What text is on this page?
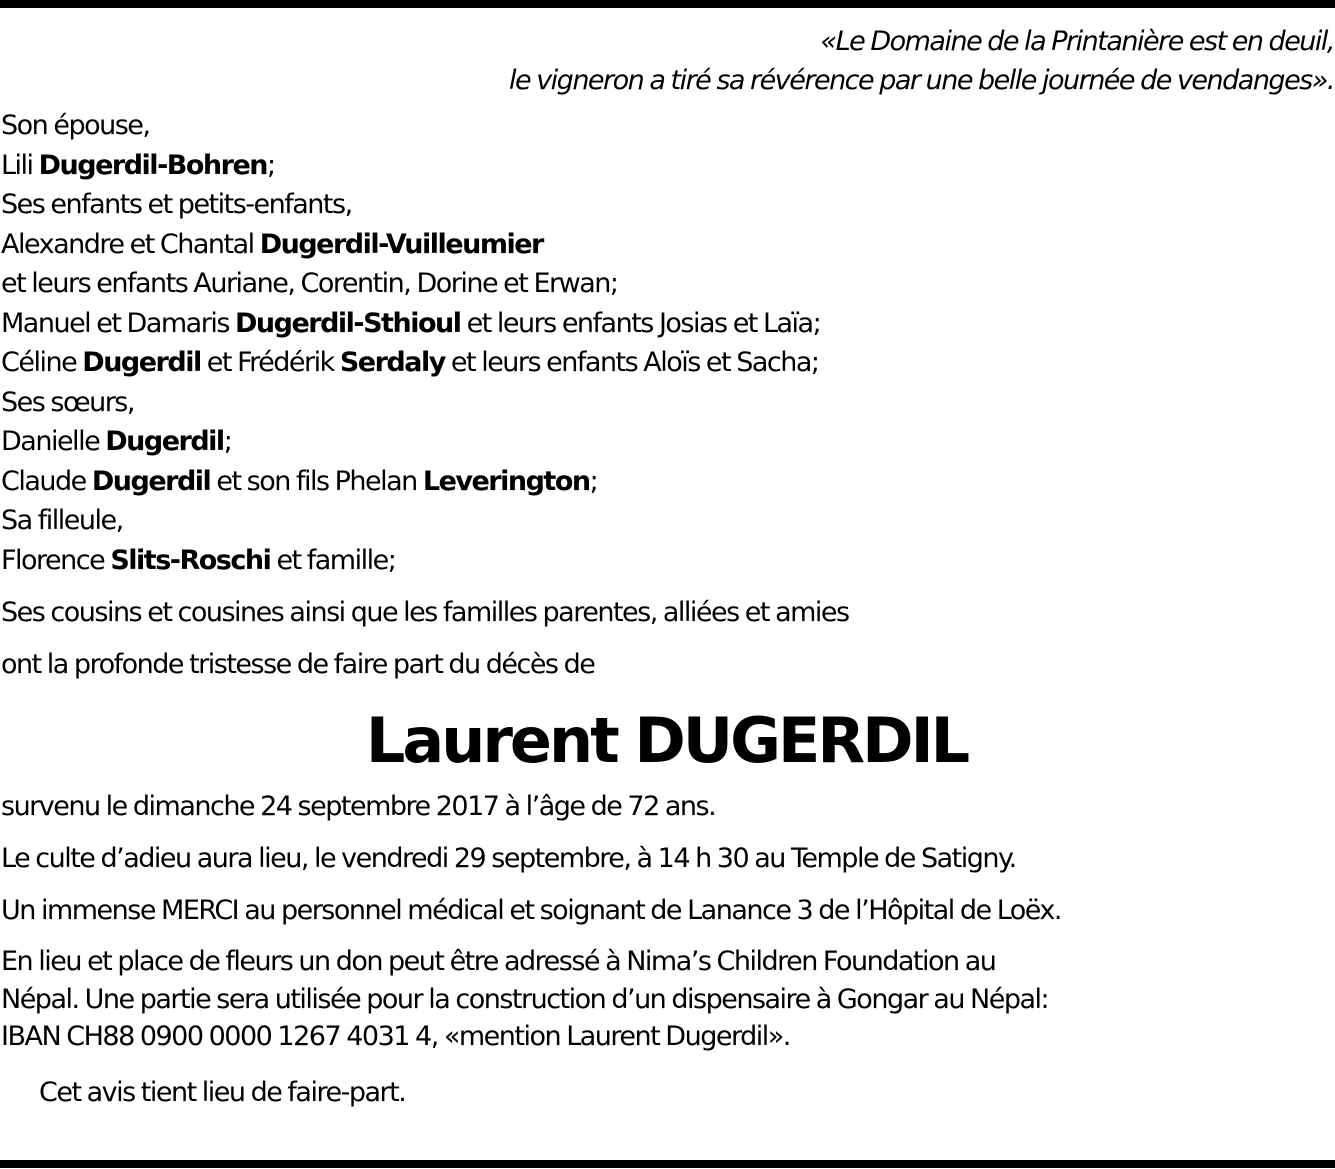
«Le Domaine de la Printanière est en deuil,
le vigneron a tiré sa révérence par une belle journée de vendanges».
Son épouse,
Lili Dugerdil-Bohren;
Ses enfants et petits-enfants,
Alexandre et Chantal Dugerdil-Vuilleumier
et leurs enfants Auriane, Corentin, Dorine et Erwan;
Manuel et Damaris Dugerdil-Sthioul et leurs enfants Josias et Laïa;
Céline Dugerdil et Frédérik Serdaly et leurs enfants Aloïs et Sacha;
Ses sœurs,
Danielle Dugerdil;
Claude Dugerdil et son fils Phelan Leverington;
Sa filleule,
Florence Slits-Roschi et famille;

Ses cousins et cousines ainsi que les familles parentes, alliées et amies

ont la profonde tristesse de faire part du décès de

Laurent DUGERDIL

survenu le dimanche 24 septembre 2017 à l’âge de 72 ans.

Le culte d’adieu aura lieu, le vendredi 29 septembre, à 14 h 30 au Temple de Satigny.

Un immense MERCI au personnel médical et soignant de Lanance 3 de l’Hôpital de Loëx.

En lieu et place de fleurs un don peut être adressé à Nima’s Children Foundation au
Népal. Une partie sera utilisée pour la construction d’un dispensaire à Gongar au Népal:
IBAN CH88 0900 0000 1267 4031 4, «mention Laurent Dugerdil».

Cet avis tient lieu de faire-part.
